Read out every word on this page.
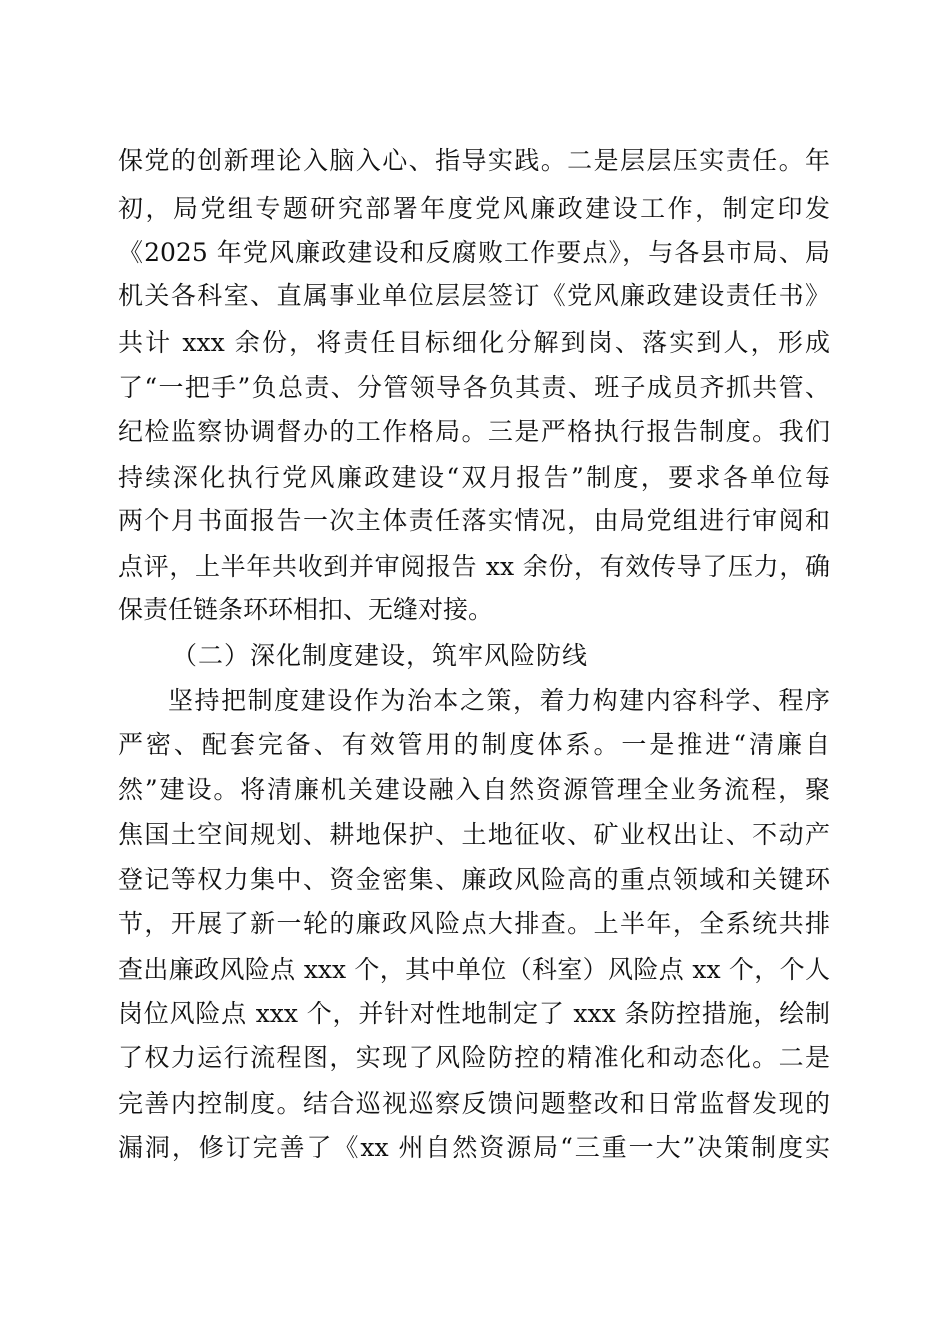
保党的创新理论入脑入心、指导实践。二是层层压实责任。年
初，局党组专题研究部署年度党风廉政建设工作，制定印发
《2025 年党风廉政建设和反腐败工作要点》，与各县市局、局
机关各科室、直属事业单位层层签订《党风廉政建设责任书》
共计 xxx 余份，将责任目标细化分解到岗、落实到人，形成
了“一把手”负总责、分管领导各负其责、班子成员齐抓共管、
纪检监察协调督办的工作格局。三是严格执行报告制度。我们
持续深化执行党风廉政建设“双月报告”制度，要求各单位每
两个月书面报告一次主体责任落实情况，由局党组进行审阅和
点评，上半年共收到并审阅报告 xx 余份，有效传导了压力，确
保责任链条环环相扣、无缝对接。
（二）深化制度建设，筑牢风险防线
坚持把制度建设作为治本之策，着力构建内容科学、程序
严密、配套完备、有效管用的制度体系。一是推进“清廉自
然”建设。将清廉机关建设融入自然资源管理全业务流程，聚
焦国土空间规划、耕地保护、土地征收、矿业权出让、不动产
登记等权力集中、资金密集、廉政风险高的重点领域和关键环
节，开展了新一轮的廉政风险点大排查。上半年，全系统共排
查出廉政风险点 xxx 个，其中单位（科室）风险点 xx 个，个人
岗位风险点 xxx 个，并针对性地制定了 xxx 条防控措施，绘制
了权力运行流程图，实现了风险防控的精准化和动态化。二是
完善内控制度。结合巡视巡察反馈问题整改和日常监督发现的
漏洞，修订完善了《xx 州自然资源局“三重一大”决策制度实
